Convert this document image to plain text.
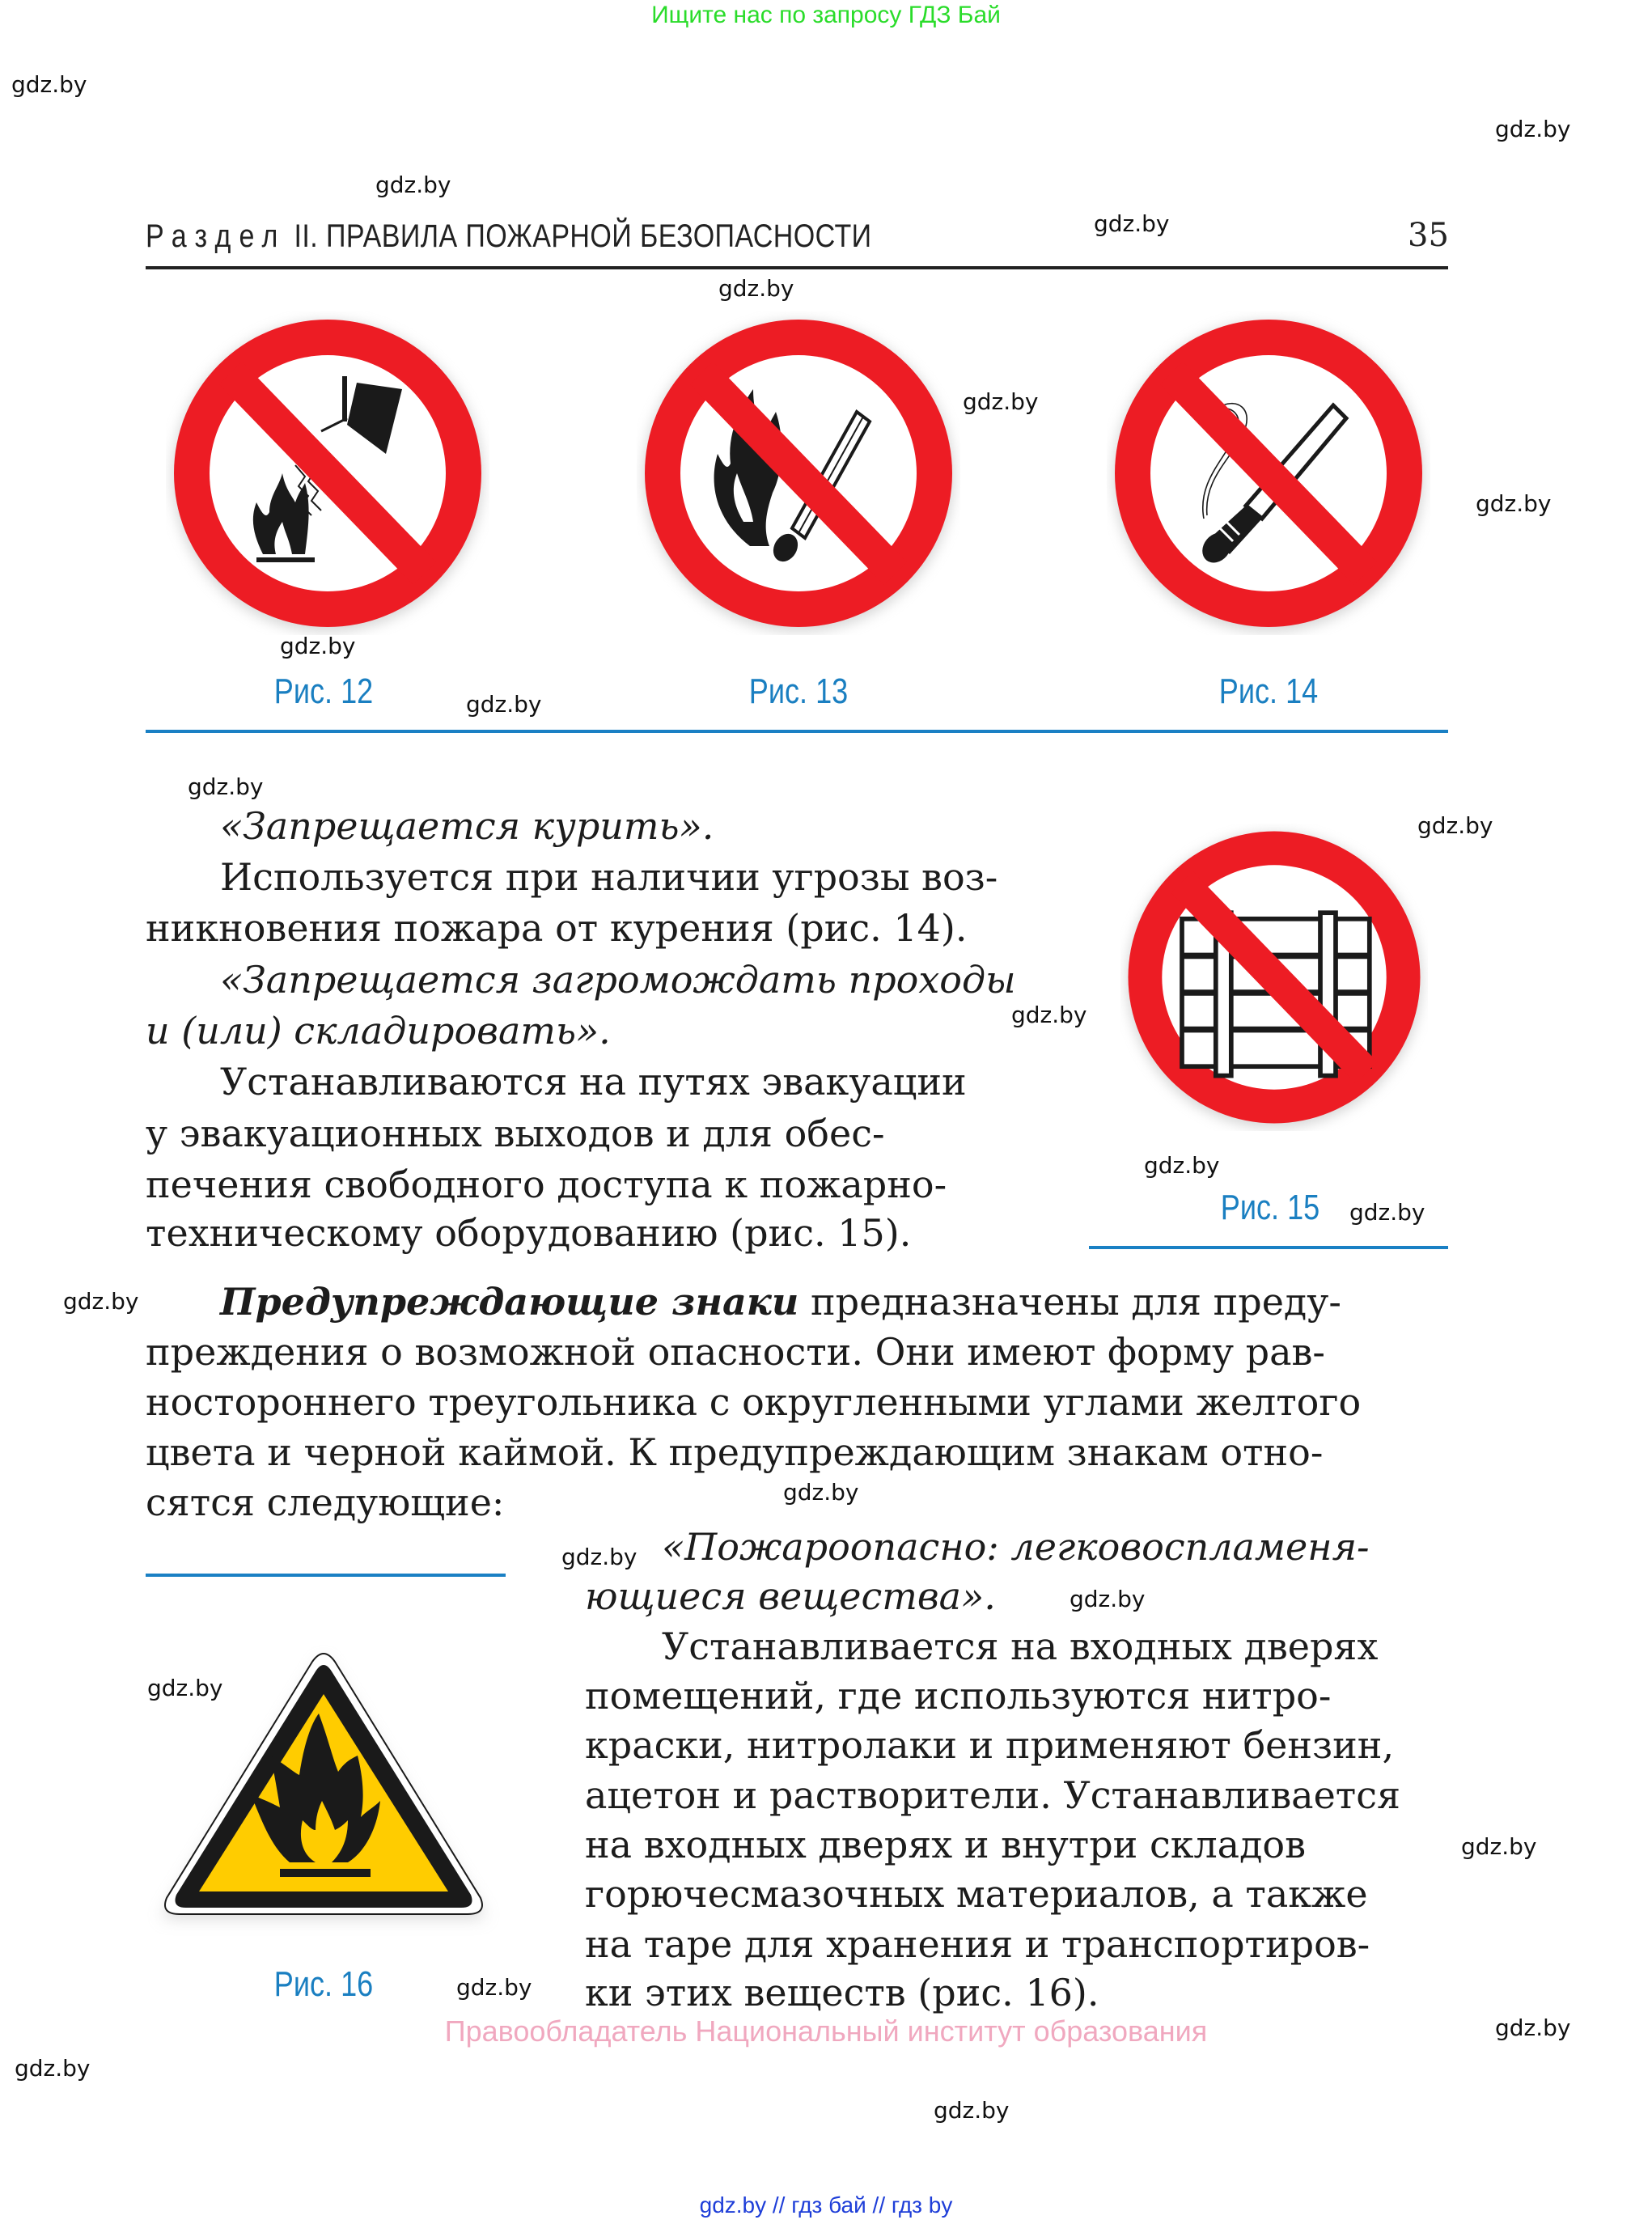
Ищите нас по запросу ГДЗ Бай
gdz.by
gdz.by
gdz.by
gdz.by
gdz.by
gdz.by
gdz.by
gdz.by
gdz.by
gdz.by
gdz.by
gdz.by
gdz.by
gdz.by
gdz.by
gdz.by
gdz.by
gdz.by
gdz.by
gdz.by
gdz.by
gdz.by
gdz.by
gdz.by
Раздел II. ПРАВИЛА ПОЖАРНОЙ БЕЗОПАСНОСТИ	35
Рис. 12	Рис. 13	Рис. 14
«Запрещается курить».
Используется при наличии угрозы воз-
никновения пожара от курения (рис. 14).
«Запрещается загромождать проходы
и (или) складировать».
Устанавливаются на путях эвакуации
у эвакуационных выходов и для обес-
печения свободного доступа к пожарно-
техническому оборудованию (рис. 15).
Рис. 15
Предупреждающие знаки предназначены для преду-
преждения о возможной опасности. Они имеют форму рав-
ностороннего треугольника с округленными углами желтого
цвета и черной каймой. К предупреждающим знакам отно-
сятся следующие:
Рис. 16
«Пожароопасно: легковоспламеня-
ющиеся вещества».
Устанавливается на входных дверях
помещений, где используются нитро-
краски, нитролаки и применяют бензин,
ацетон и растворители. Устанавливается
на входных дверях и внутри складов
горючесмазочных материалов, а также
на таре для хранения и транспортиров-
ки этих веществ (рис. 16).
Правообладатель Национальный институт образования
gdz.by // гдз бай // гдз by
